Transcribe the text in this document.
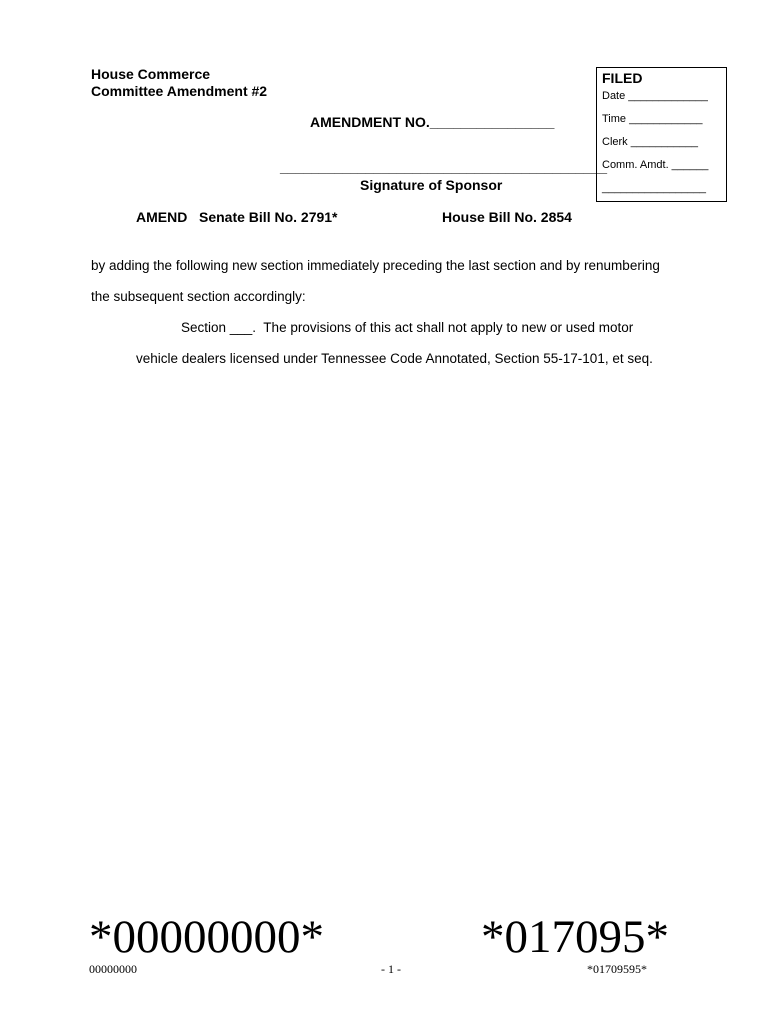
House Commerce
Committee Amendment #2
AMENDMENT NO.________________
__________________________________________
Signature of Sponsor
FILED
Date _____________
Time ____________
Clerk ___________
Comm. Amdt. ______
_________________
AMEND Senate Bill No. 2791*	House Bill No. 2854
by adding the following new section immediately preceding the last section and by renumbering
the subsequent section accordingly:
Section ___.  The provisions of this act shall not apply to new or used motor
vehicle dealers licensed under Tennessee Code Annotated, Section 55-17-101, et seq.
*00000000*	*017095*
00000000	- 1 -	*01709595*
